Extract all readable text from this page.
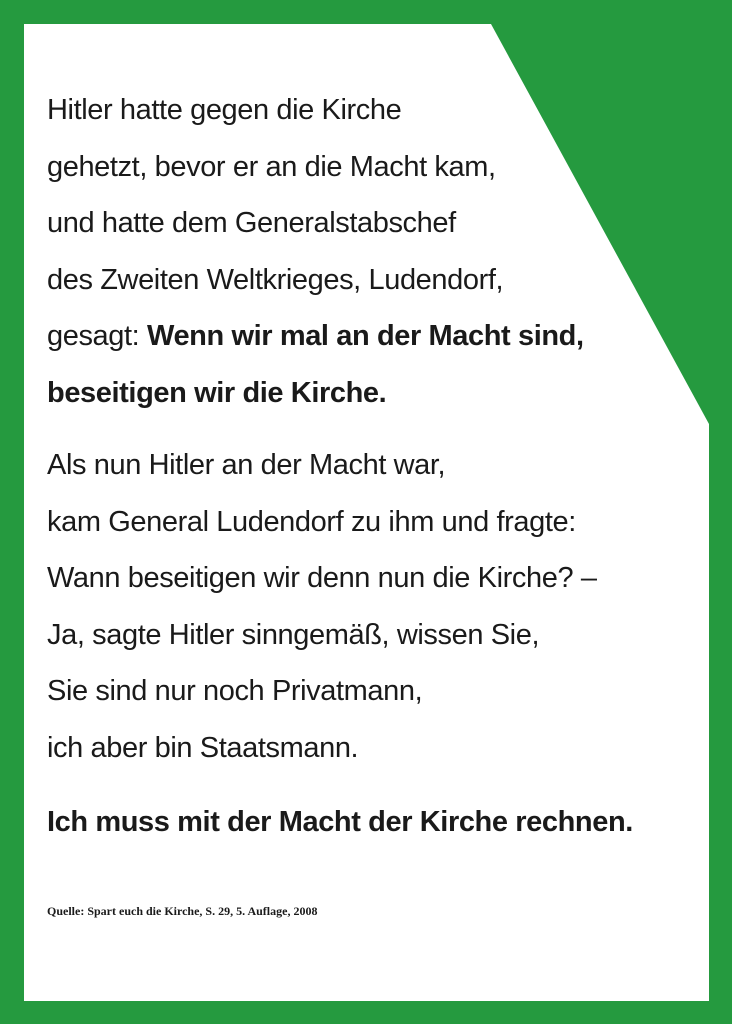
Hitler hatte gegen die Kirche
gehetzt, bevor er an die Macht kam,
und hatte dem Generalstabschef
des Zweiten Weltkrieges, Ludendorf,
gesagt: Wenn wir mal an der Macht sind,
beseitigen wir die Kirche.
Als nun Hitler an der Macht war,
kam General Ludendorf zu ihm und fragte:
Wann beseitigen wir denn nun die Kirche? –
Ja, sagte Hitler sinngemäß, wissen Sie,
Sie sind nur noch Privatmann,
ich aber bin Staatsmann.
Ich muss mit der Macht der Kirche rechnen.
Quelle: Spart euch die Kirche, S. 29, 5. Auflage, 2008
